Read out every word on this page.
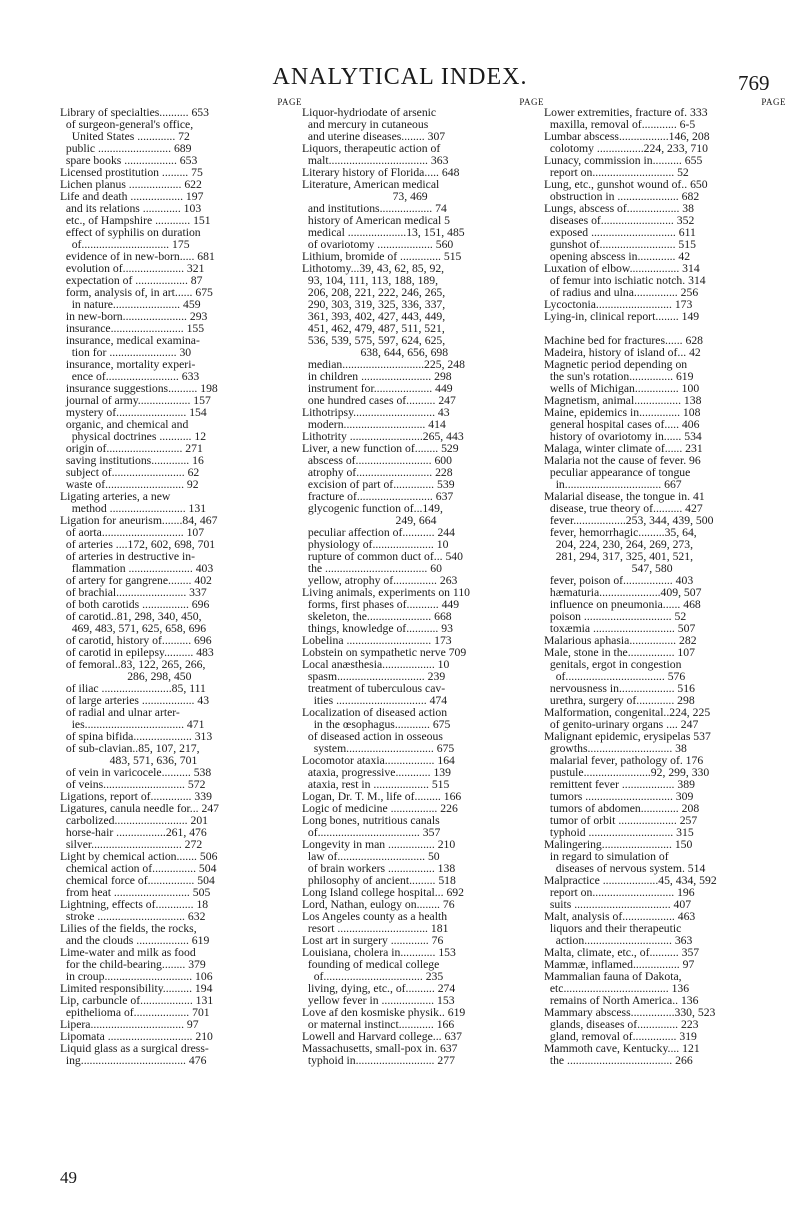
ANALYTICAL INDEX.	769
PAGE
Library of specialties.......... 653
of surgeon-general's office,
United States ............. 72
public ......................... 689
spare books .................. 653
Licensed prostitution ......... 75
Lichen planus .................. 622
Life and death .................. 197
and its relations ............. 103
etc., of Hampshire ............ 151
effect of syphilis on duration
of.............................. 175
evidence of in new-born..... 681
evolution of..................... 321
expectation of .................. 87
form, analysis of, in art...... 675
in nature....................... 459
in new-born...................... 293
insurance......................... 155
insurance, medical examina-
tion for ....................... 30
insurance, mortality experi-
ence of......................... 633
insurance suggestions.......... 198
journal of army.................. 157
mystery of........................ 154
organic, and chemical and
physical doctrines ........... 12
origin of.......................... 271
saving institutions............. 16
subject of......................... 62
waste of........................... 92
Ligating arteries, a new
method .......................... 131
Ligation for aneurism.......84, 467
of aorta............................ 107
of arteries ....172, 602, 698, 701
of arteries in destructive in-
flammation ...................... 403
of artery for gangrene........ 402
of brachial........................ 337
of both carotids ................ 696
of carotid..81, 298, 340, 450,
469, 483, 571, 625, 658, 696
of carotid, history of.......... 696
of carotid in epilepsy.......... 483
of femoral..83, 122, 265, 266,
286, 298, 450
of iliac ........................85, 111
of large arteries .................. 43
of radial and ulnar arter-
ies.................................. 471
of spina bifida.................... 313
of sub-clavian..85, 107, 217,
483, 571, 636, 701
of vein in varicocele.......... 538
of veins............................ 572
Ligations, report of.............. 339
Ligatures, canula needle for... 247
carbolized......................... 201
horse-hair .................261, 476
silver............................... 272
Light by chemical action....... 506
chemical action of............... 504
chemical force of................ 504
from heat .......................... 505
Lightning, effects of............. 18
stroke .............................. 632
Lilies of the fields, the rocks,
and the clouds .................. 619
Lime-water and milk as food
for the child-bearing........ 379
in croup.............................. 106
Limited responsibility.......... 194
Lip, carbuncle of.................. 131
epithelioma of................... 701
Lipera................................ 97
Lipomata ............................. 210
Liquid glass as a surgical dress-
ing.................................... 476
PAGE
Liquor-hydriodate of arsenic
and mercury in cutaneous
and uterine diseases........ 307
Liquors, therapeutic action of
malt.................................. 363
Literary history of Florida..... 648
Literature, American medical
73, 469
and institutions.................. 74
history of American medical 5
medical ....................13, 151, 485
of ovariotomy ................... 560
Lithium, bromide of .............. 515
Lithotomy...39, 43, 62, 85, 92,
93, 104, 111, 113, 188, 189,
206, 208, 221, 222, 246, 265,
290, 303, 319, 325, 336, 337,
361, 393, 402, 427, 443, 449,
451, 462, 479, 487, 511, 521,
536, 539, 575, 597, 624, 625,
638, 644, 656, 698
median............................225, 248
in children ........................ 298
instrument for.................... 449
one hundred cases of.......... 247
Lithotripsy............................ 43
modern............................ 414
Lithotrity .........................265, 443
Liver, a new function of........ 529
abscess of.......................... 600
atrophy of.......................... 228
excision of part of.............. 539
fracture of.......................... 637
glycogenic function of...149,
249, 664
peculiar affection of........... 244
physiology of..................... 10
rupture of common duct of... 540
the ................................... 60
yellow, atrophy of............... 263
Living animals, experiments on 110
forms, first phases of........... 449
skeleton, the...................... 668
things, knowledge of........... 93
Lobelina ............................. 173
Lobstein on sympathetic nerve 709
Local anæsthesia.................. 10
spasm.............................. 239
treatment of tuberculous cav-
ities ............................... 474
Localization of diseased action
in the œsophagus............ 675
of diseased action in osseous
system.............................. 675
Locomotor ataxia................. 164
ataxia, progressive............ 139
ataxia, rest in ................... 515
Logan, Dr. T. M., life of......... 166
Logic of medicine ................ 226
Long bones, nutritious canals
of................................... 357
Longevity in man ................ 210
law of.............................. 50
of brain workers ................ 138
philosophy of ancient......... 518
Long Island college hospital... 692
Lord, Nathan, eulogy on........ 76
Los Angeles county as a health
resort ............................... 181
Lost art in surgery ............. 76
Louisiana, cholera in............ 153
founding of medical college
of.................................. 235
living, dying, etc., of.......... 274
yellow fever in .................. 153
Love af den kosmiske physik.. 619
or maternal instinct............ 166
Lowell and Harvard college... 637
Massachusetts, small-pox in. 637
typhoid in........................... 277
PAGE
Lower extremities, fracture of. 333
maxilla, removal of............ 6-5
Lumbar abscess.................146, 208
colotomy ................224, 233, 710
Lunacy, commission in.......... 655
report on............................ 52
Lung, etc., gunshot wound of.. 650
obstruction in ..................... 682
Lungs, abscess of.................. 38
diseases of......................... 352
exposed ............................. 611
gunshot of.......................... 515
opening abscess in............. 42
Luxation of elbow................. 314
of femur into ischiatic notch. 314
of radius and ulna............... 256
Lycoctonia.......................... 173
Lying-in, clinical report........ 149

Machine bed for fractures...... 628
Madeira, history of island of... 42
Magnetic period depending on
the sun's rotation............... 619
wells of Michigan............... 100
Magnetism, animal................ 138
Maine, epidemics in.............. 108
general hospital cases of..... 406
history of ovariotomy in...... 534
Malaga, winter climate of...... 231
Malaria not the cause of fever. 96
peculiar appearance of tongue
in................................. 667
Malarial disease, the tongue in. 41
disease, true theory of.......... 427
fever..................253, 344, 439, 500
fever, hemorrhagic.........35, 64,
204, 224, 230, 264, 269, 273,
281, 294, 317, 325, 401, 521,
547, 580
fever, poison of................. 403
hæmaturia.....................409, 507
influence on pneumonia...... 468
poison .............................. 52
toxæmia ............................ 507
Malarious aphasia................ 282
Male, stone in the................ 107
genitals, ergot in congestion
of.................................. 576
nervousness in................... 516
urethra, surgery of............. 298
Malformation, congenital..224, 225
of genito-urinary organs .... 247
Malignant epidemic, erysipelas 537
growths............................. 38
malarial fever, pathology of. 176
pustule.......................92, 299, 330
remittent fever .................. 389
tumors .............................. 309
tumors of abdomen............. 208
tumor of orbit .................... 257
typhoid ............................. 315
Malingering........................ 150
in regard to simulation of
diseases of nervous system. 514
Malpractice ...................45, 434, 592
report on............................ 196
suits ................................. 407
Malt, analysis of.................. 463
liquors and their therapeutic
action.............................. 363
Malta, climate, etc., of.......... 357
Mammæ, inflamed................ 97
Mammalian fauna of Dakota,
etc.................................... 136
remains of North America.. 136
Mammary abscess...............330, 523
glands, diseases of.............. 223
gland, removal of............... 319
Mammoth cave, Kentucky.... 121
the .................................... 266
49
